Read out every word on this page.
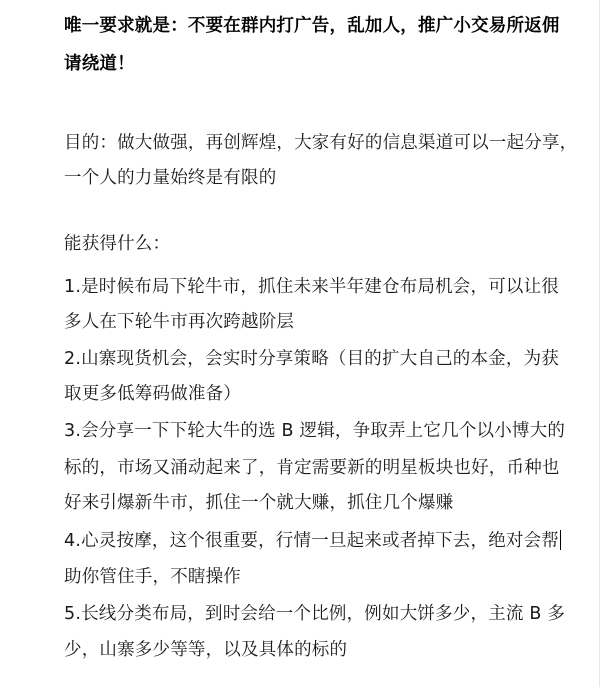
唯一要求就是：不要在群内打广告，乱加人，推广小交易所返佣
请绕道！
目的：做大做强，再创辉煌，大家有好的信息渠道可以一起分享，
一个人的力量始终是有限的
能获得什么：
1.是时候布局下轮牛市，抓住未来半年建仓布局机会，可以让很
多人在下轮牛市再次跨越阶层
2.山寨现货机会，会实时分享策略（目的扩大自己的本金，为获
取更多低筹码做准备）
3.会分享一下下轮大牛的选 B 逻辑，争取弄上它几个以小博大的
标的，市场又涌动起来了，肯定需要新的明星板块也好，币种也
好来引爆新牛市，抓住一个就大赚，抓住几个爆赚
4.心灵按摩，这个很重要，行情一旦起来或者掉下去，绝对会帮
助你管住手，不瞎操作
5.长线分类布局，到时会给一个比例，例如大饼多少，主流 B 多
少，山寨多少等等，以及具体的标的
